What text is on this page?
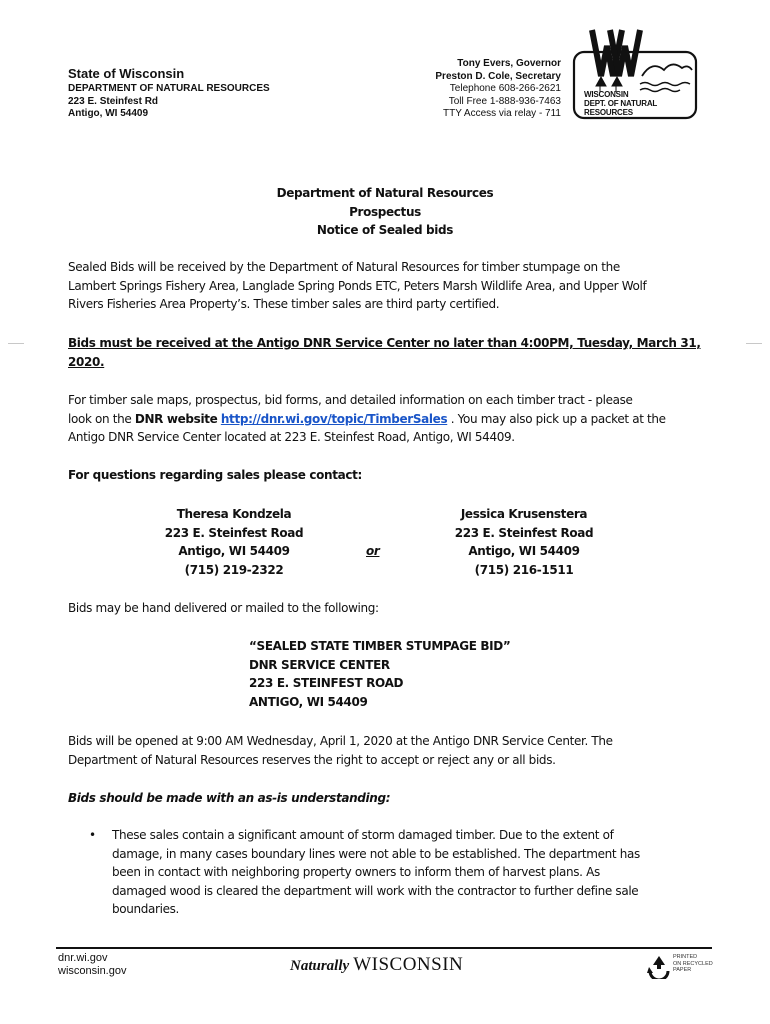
State of Wisconsin
DEPARTMENT OF NATURAL RESOURCES
223 E. Steinfest Rd
Antigo, WI 54409
Tony Evers, Governor
Preston D. Cole, Secretary
Telephone 608-266-2621
Toll Free 1-888-936-7463
TTY Access via relay - 711
WISCONSIN
DEPT. OF NATURAL RESOURCES
Department of Natural Resources
Prospectus
Notice of Sealed bids
Sealed Bids will be received by the Department of Natural Resources for timber stumpage on the
Lambert Springs Fishery Area, Langlade Spring Ponds ETC, Peters Marsh Wildlife Area, and Upper Wolf
Rivers Fisheries Area Property’s. These timber sales are third party certified.
Bids must be received at the Antigo DNR Service Center no later than 4:00PM, Tuesday, March 31,
2020.
For timber sale maps, prospectus, bid forms, and detailed information on each timber tract - please
look on the DNR website http://dnr.wi.gov/topic/TimberSales . You may also pick up a packet at the
Antigo DNR Service Center located at 223 E. Steinfest Road, Antigo, WI 54409.
For questions regarding sales please contact:
Theresa Kondzela
223 E. Steinfest Road
Antigo, WI 54409
(715) 219-2322
or
Jessica Krusenstera
223 E. Steinfest Road
Antigo, WI 54409
(715) 216-1511
Bids may be hand delivered or mailed to the following:
“SEALED STATE TIMBER STUMPAGE BID”
DNR SERVICE CENTER
223 E. STEINFEST ROAD
ANTIGO, WI 54409
Bids will be opened at 9:00 AM Wednesday, April 1, 2020 at the Antigo DNR Service Center. The
Department of Natural Resources reserves the right to accept or reject any or all bids.
Bids should be made with an as-is understanding:
• These sales contain a significant amount of storm damaged timber. Due to the extent of
damage, in many cases boundary lines were not able to be established. The department has
been in contact with neighboring property owners to inform them of harvest plans. As
damaged wood is cleared the department will work with the contractor to further define sale
boundaries.
dnr.wi.gov
wisconsin.gov	Naturally WISCONSIN	PRINTED
ON RECYCLED
PAPER
